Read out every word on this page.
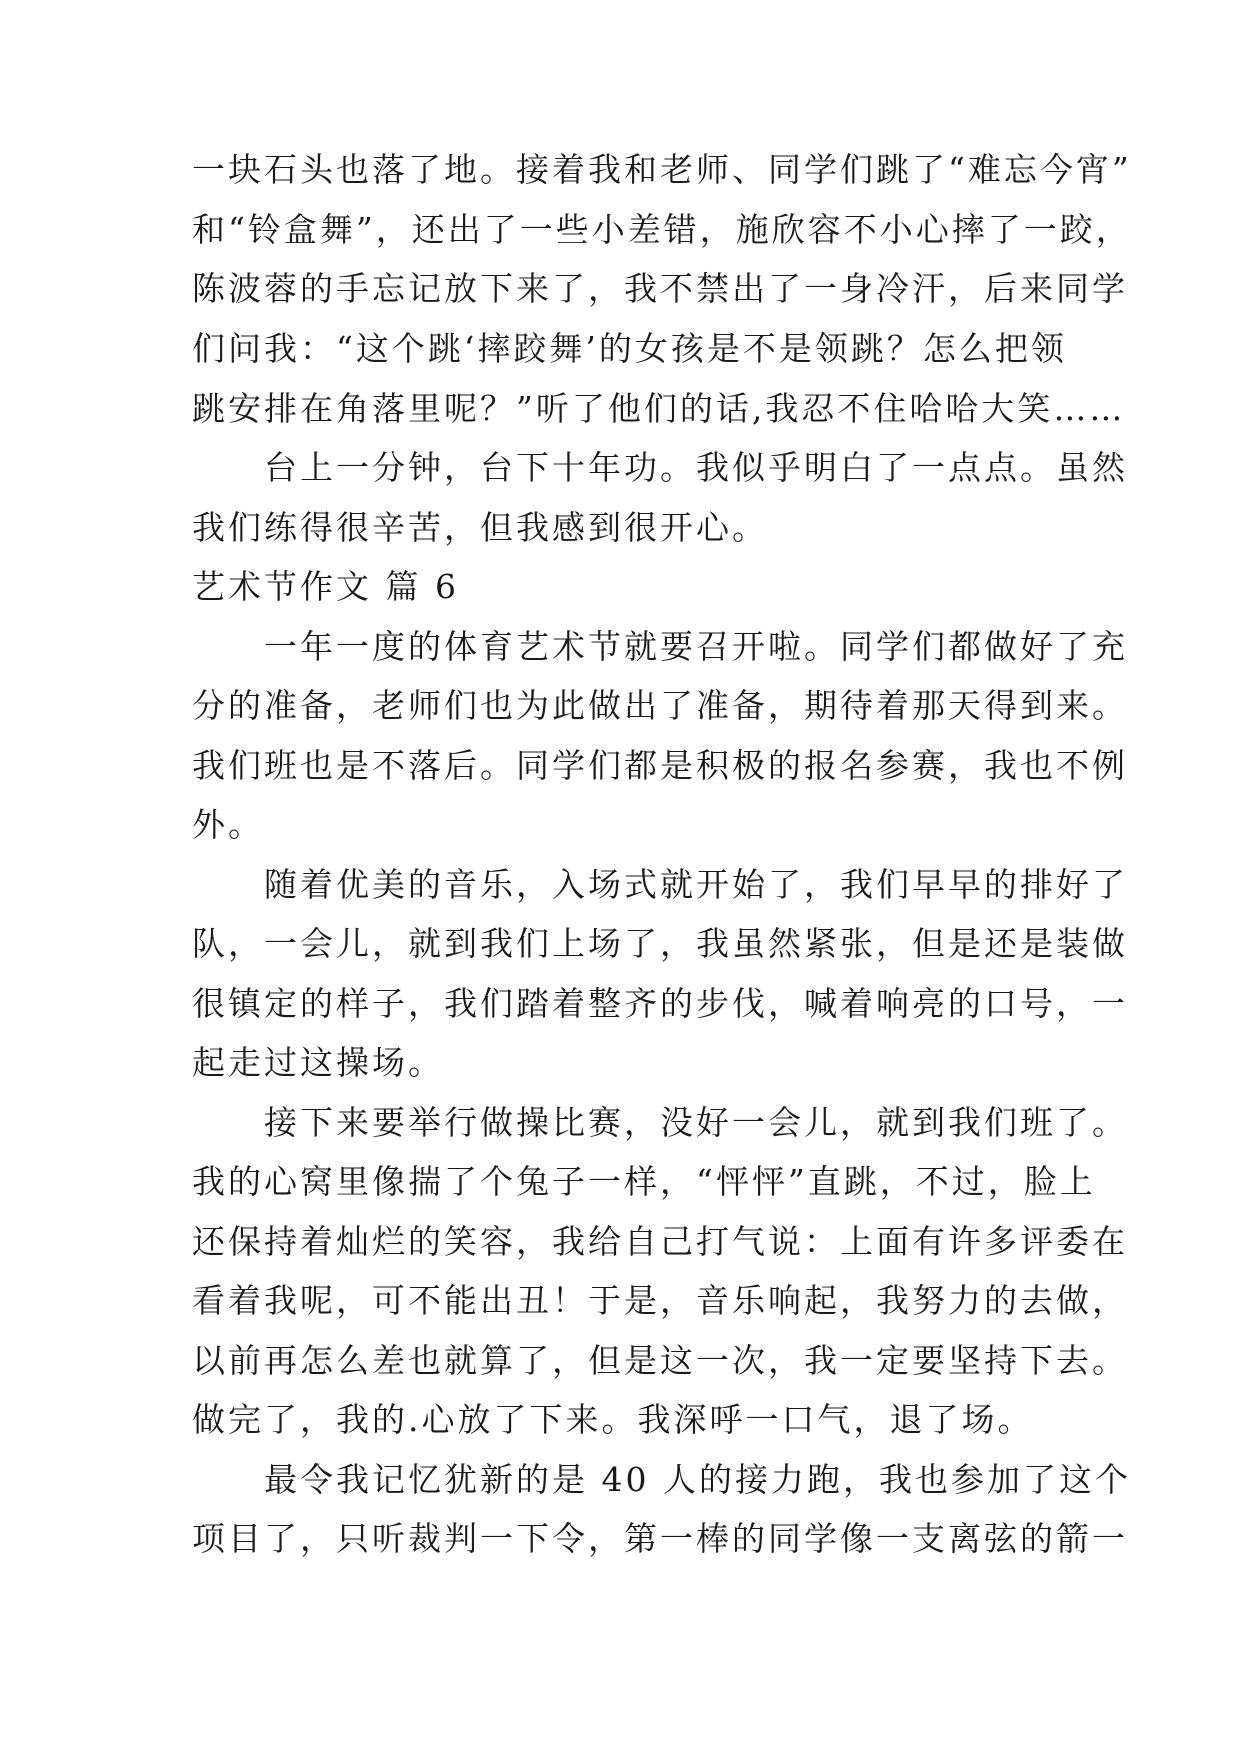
一块石头也落了地。接着我和老师、同学们跳了“难忘今宵”
和“铃盒舞”，还出了一些小差错，施欣容不小心摔了一跤，
陈波蓉的手忘记放下来了，我不禁出了一身冷汗，后来同学
们问我：“这个跳‘摔跤舞’的女孩是不是领跳？怎么把领
跳安排在角落里呢？”听了他们的话,我忍不住哈哈大笑……
　　台上一分钟，台下十年功。我似乎明白了一点点。虽然
我们练得很辛苦，但我感到很开心。
艺术节作文 篇 6
　　一年一度的体育艺术节就要召开啦。同学们都做好了充
分的准备，老师们也为此做出了准备，期待着那天得到来。
我们班也是不落后。同学们都是积极的报名参赛，我也不例
外。
　　随着优美的音乐，入场式就开始了，我们早早的排好了
队，一会儿，就到我们上场了，我虽然紧张，但是还是装做
很镇定的样子，我们踏着整齐的步伐，喊着响亮的口号，一
起走过这操场。
　　接下来要举行做操比赛，没好一会儿，就到我们班了。
我的心窝里像揣了个兔子一样，“怦怦”直跳，不过，脸上
还保持着灿烂的笑容，我给自己打气说：上面有许多评委在
看着我呢，可不能出丑！于是，音乐响起，我努力的去做，
以前再怎么差也就算了，但是这一次，我一定要坚持下去。
做完了，我的.心放了下来。我深呼一口气，退了场。
　　最令我记忆犹新的是 40 人的接力跑，我也参加了这个
项目了，只听裁判一下令，第一棒的同学像一支离弦的箭一
